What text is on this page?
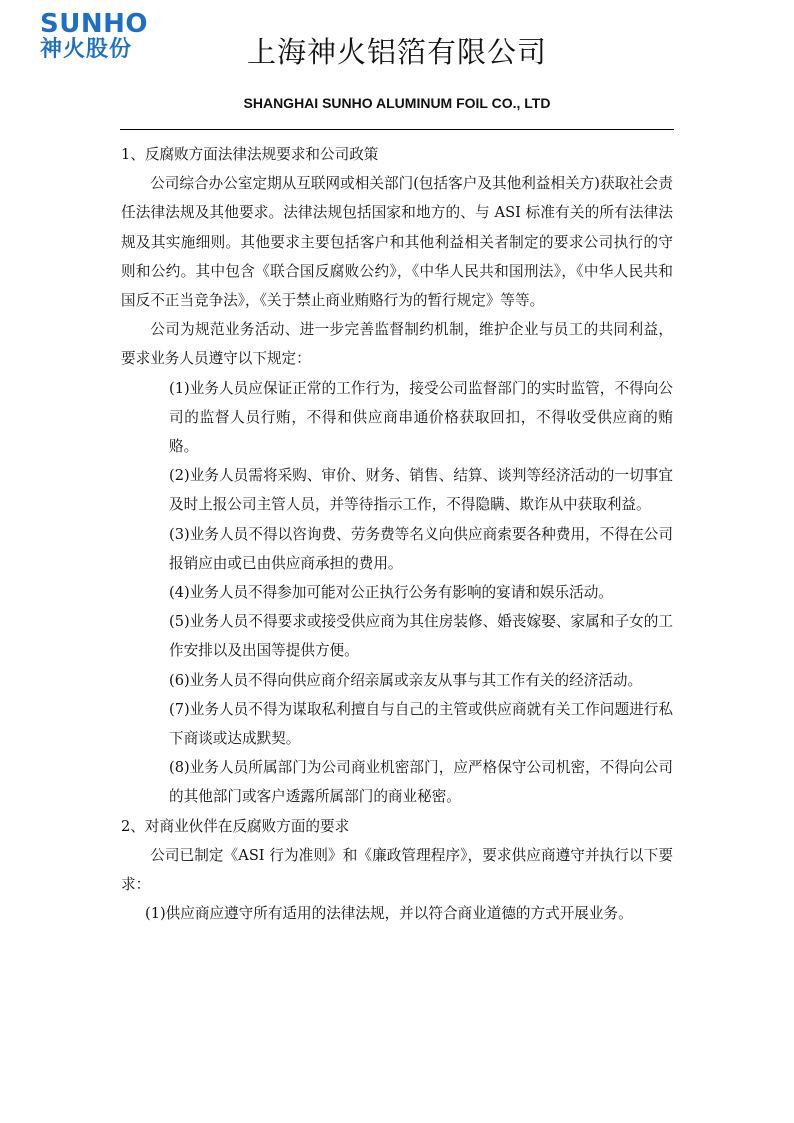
SUNHO
神火股份	上海神火铝箔有限公司
SHANGHAI SUNHO ALUMINUM FOIL CO., LTD

1、反腐败方面法律法规要求和公司政策

公司综合办公室定期从互联网或相关部门(包括客户及其他利益相关方)获取社会责任法律法规及其他要求。法律法规包括国家和地方的、与 ASI 标准有关的所有法律法规及其实施细则。其他要求主要包括客户和其他利益相关者制定的要求公司执行的守则和公约。其中包含《联合国反腐败公约》，《中华人民共和国刑法》，《中华人民共和国反不正当竞争法》，《关于禁止商业贿赂行为的暂行规定》等等。

公司为规范业务活动、进一步完善监督制约机制，维护企业与员工的共同利益，要求业务人员遵守以下规定：

(1)业务人员应保证正常的工作行为，接受公司监督部门的实时监管，不得向公司的监督人员行贿，不得和供应商串通价格获取回扣，不得收受供应商的贿赂。

(2)业务人员需将采购、审价、财务、销售、结算、谈判等经济活动的一切事宜及时上报公司主管人员，并等待指示工作，不得隐瞒、欺诈从中获取利益。

(3)业务人员不得以咨询费、劳务费等名义向供应商索要各种费用，不得在公司报销应由或已由供应商承担的费用。

(4)业务人员不得参加可能对公正执行公务有影响的宴请和娱乐活动。

(5)业务人员不得要求或接受供应商为其住房装修、婚丧嫁娶、家属和子女的工作安排以及出国等提供方便。

(6)业务人员不得向供应商介绍亲属或亲友从事与其工作有关的经济活动。

(7)业务人员不得为谋取私利擅自与自己的主管或供应商就有关工作问题进行私下商谈或达成默契。

(8)业务人员所属部门为公司商业机密部门，应严格保守公司机密，不得向公司的其他部门或客户透露所属部门的商业秘密。

2、对商业伙伴在反腐败方面的要求

公司已制定《ASI 行为准则》和《廉政管理程序》，要求供应商遵守并执行以下要求：

(1)供应商应遵守所有适用的法律法规，并以符合商业道德的方式开展业务。
